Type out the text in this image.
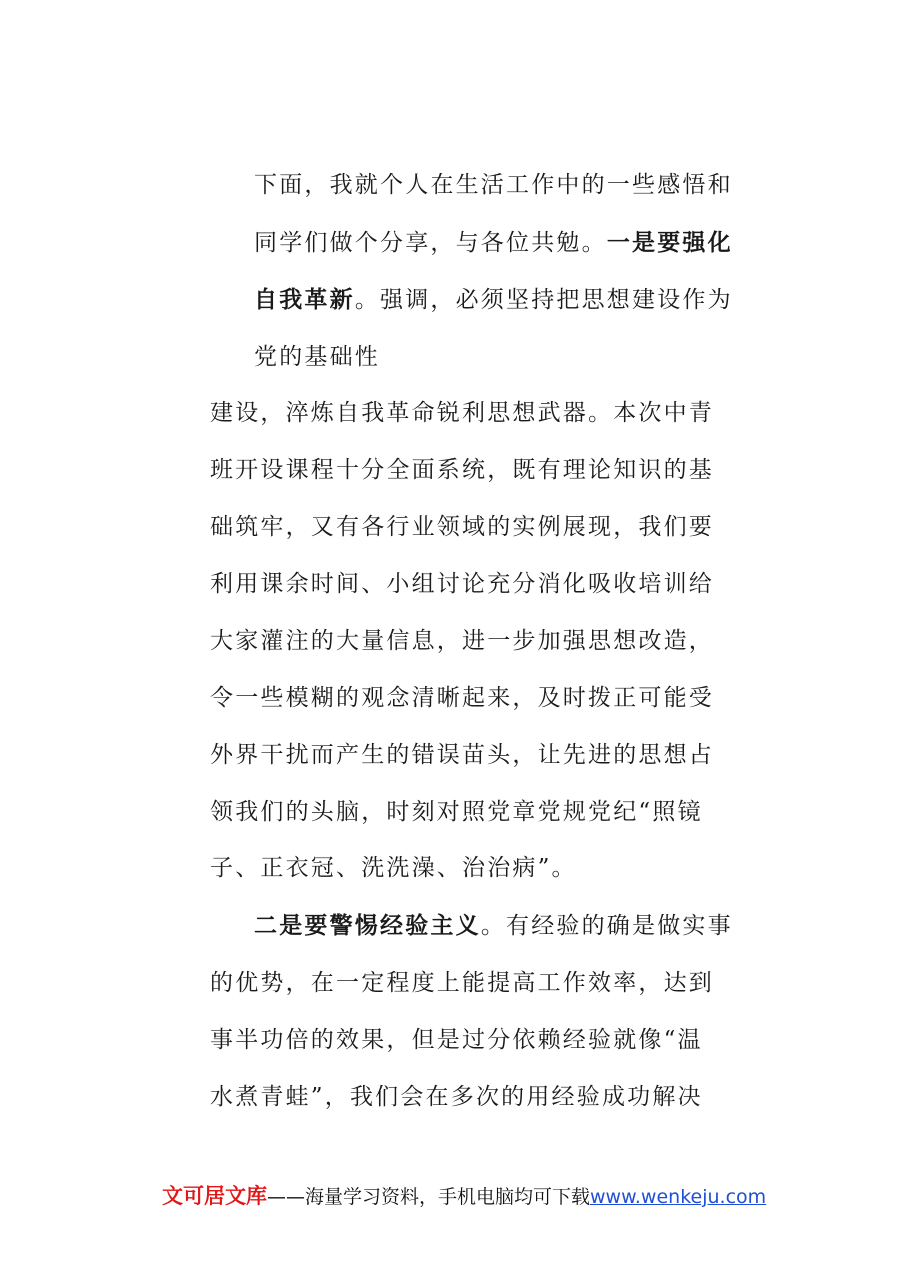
下面，我就个人在生活工作中的一些感悟和
同学们做个分享，与各位共勉。一是要强化
自我革新。强调，必须坚持把思想建设作为
党的基础性
建设，淬炼自我革命锐利思想武器。本次中青
班开设课程十分全面系统，既有理论知识的基
础筑牢，又有各行业领域的实例展现，我们要
利用课余时间、小组讨论充分消化吸收培训给
大家灌注的大量信息，进一步加强思想改造，
令一些模糊的观念清晰起来，及时拨正可能受
外界干扰而产生的错误苗头，让先进的思想占
领我们的头脑，时刻对照党章党规党纪“照镜
子、正衣冠、洗洗澡、治治病”。
二是要警惕经验主义。有经验的确是做实事
的优势，在一定程度上能提高工作效率，达到
事半功倍的效果，但是过分依赖经验就像“温
水煮青蛙”，我们会在多次的用经验成功解决
文可居文库——海量学习资料，手机电脑均可下载www.wenkeju.com
